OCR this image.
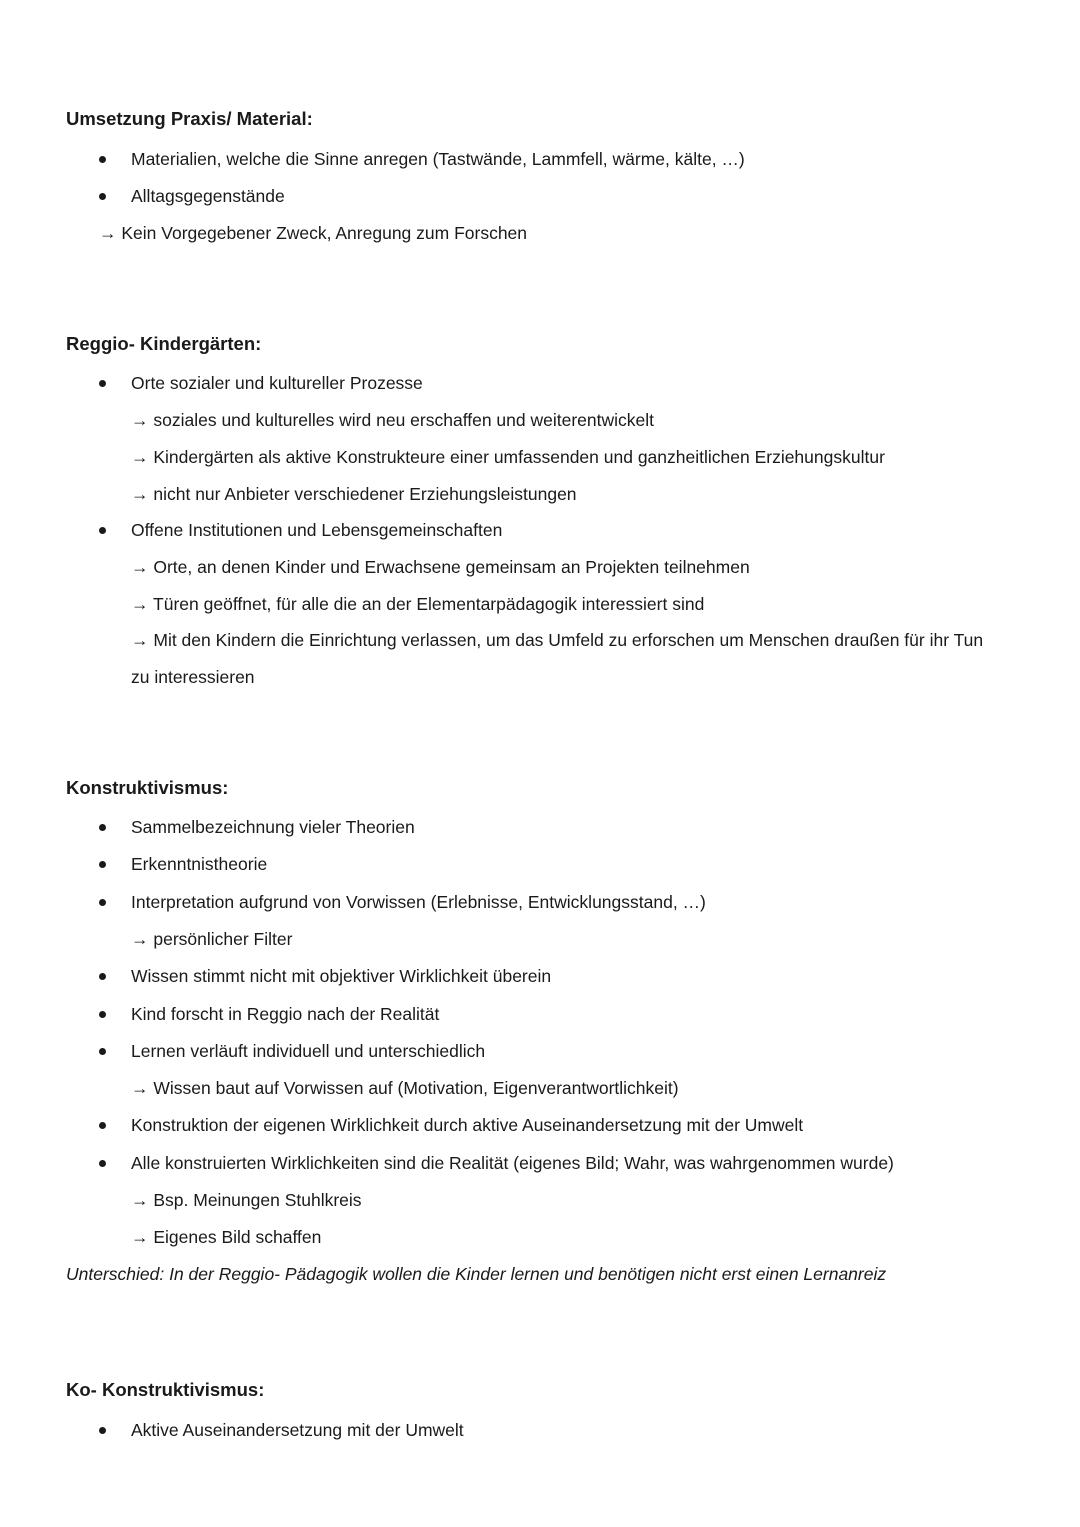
Umsetzung Praxis/ Material:
Materialien, welche die Sinne anregen (Tastwände, Lammfell, wärme, kälte, …)
Alltagsgegenstände
→ Kein Vorgegebener Zweck, Anregung zum Forschen
Reggio- Kindergärten:
Orte sozialer und kultureller Prozesse
→ soziales und kulturelles wird neu erschaffen und weiterentwickelt
→ Kindergärten als aktive Konstrukteure einer umfassenden und ganzheitlichen Erziehungskultur
→ nicht nur Anbieter verschiedener Erziehungsleistungen
Offene Institutionen und Lebensgemeinschaften
→ Orte, an denen Kinder und Erwachsene gemeinsam an Projekten teilnehmen
→ Türen geöffnet, für alle die an der Elementarpädagogik interessiert sind
→ Mit den Kindern die Einrichtung verlassen, um das Umfeld zu erforschen um Menschen draußen für ihr Tun
zu interessieren
Konstruktivismus:
Sammelbezeichnung vieler Theorien
Erkenntnistheorie
Interpretation aufgrund von Vorwissen (Erlebnisse, Entwicklungsstand, …)
→ persönlicher Filter
Wissen stimmt nicht mit objektiver Wirklichkeit überein
Kind forscht in Reggio nach der Realität
Lernen verläuft individuell und unterschiedlich
→ Wissen baut auf Vorwissen auf (Motivation, Eigenverantwortlichkeit)
Konstruktion der eigenen Wirklichkeit durch aktive Auseinandersetzung mit der Umwelt
Alle konstruierten Wirklichkeiten sind die Realität (eigenes Bild; Wahr, was wahrgenommen wurde)
→ Bsp. Meinungen Stuhlkreis
→ Eigenes Bild schaffen
Unterschied: In der Reggio- Pädagogik wollen die Kinder lernen und benötigen nicht erst einen Lernanreiz
Ko- Konstruktivismus:
Aktive Auseinandersetzung mit der Umwelt
